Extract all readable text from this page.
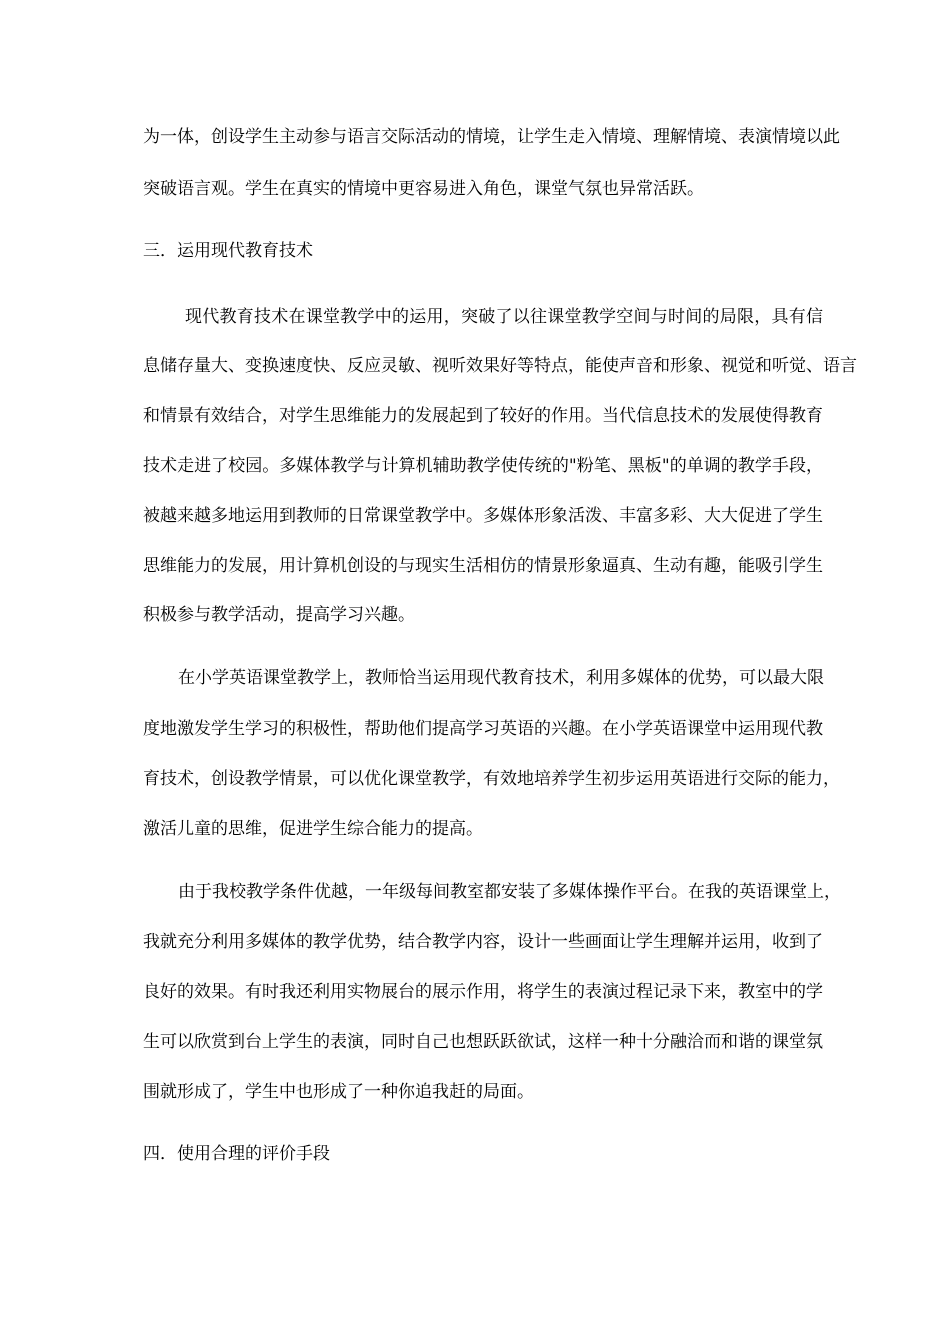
为一体，创设学生主动参与语言交际活动的情境，让学生走入情境、理解情境、表演情境以此
突破语言观。学生在真实的情境中更容易进入角色，课堂气氛也异常活跃。
三．运用现代教育技术
现代教育技术在课堂教学中的运用，突破了以往课堂教学空间与时间的局限，具有信
息储存量大、变换速度快、反应灵敏、视听效果好等特点，能使声音和形象、视觉和听觉、语言
和情景有效结合，对学生思维能力的发展起到了较好的作用。当代信息技术的发展使得教育
技术走进了校园。多媒体教学与计算机辅助教学使传统的"粉笔、黑板"的单调的教学手段，
被越来越多地运用到教师的日常课堂教学中。多媒体形象活泼、丰富多彩、大大促进了学生
思维能力的发展，用计算机创设的与现实生活相仿的情景形象逼真、生动有趣，能吸引学生
积极参与教学活动，提高学习兴趣。
在小学英语课堂教学上，教师恰当运用现代教育技术，利用多媒体的优势，可以最大限
度地激发学生学习的积极性，帮助他们提高学习英语的兴趣。在小学英语课堂中运用现代教
育技术，创设教学情景，可以优化课堂教学，有效地培养学生初步运用英语进行交际的能力，
激活儿童的思维，促进学生综合能力的提高。
由于我校教学条件优越，一年级每间教室都安装了多媒体操作平台。在我的英语课堂上，
我就充分利用多媒体的教学优势，结合教学内容，设计一些画面让学生理解并运用，收到了
良好的效果。有时我还利用实物展台的展示作用，将学生的表演过程记录下来，教室中的学
生可以欣赏到台上学生的表演，同时自己也想跃跃欲试，这样一种十分融洽而和谐的课堂氛
围就形成了，学生中也形成了一种你追我赶的局面。
四．使用合理的评价手段
